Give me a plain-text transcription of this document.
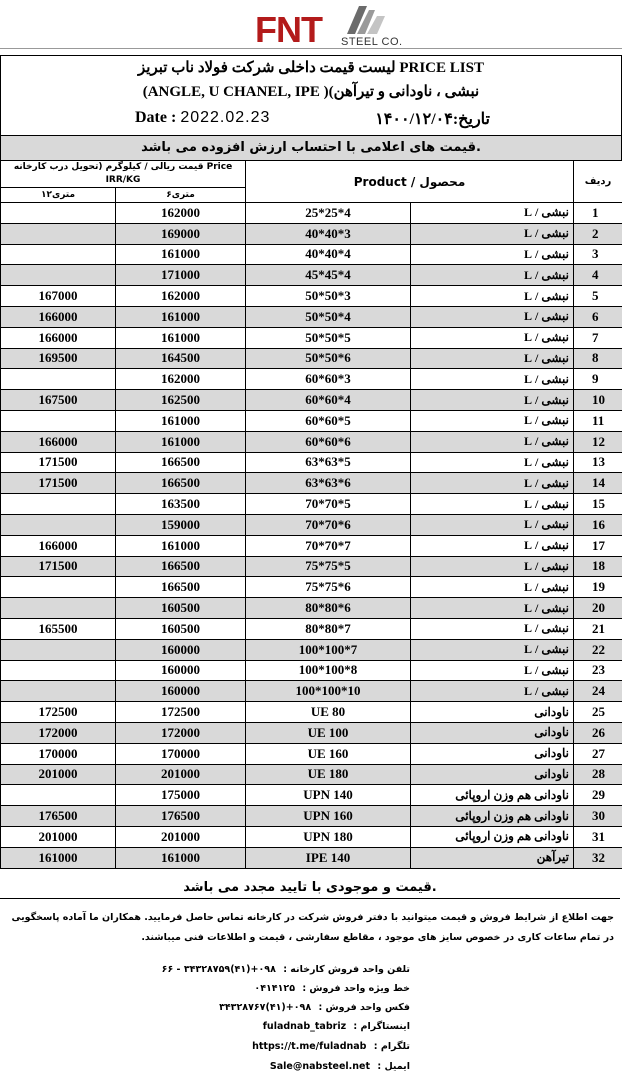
FNT STEEL CO.
لیست قیمت داخلی شرکت فولاد ناب تبریز PRICE LIST
(ANGLE, U CHANEL, IPE )(نبشی ، ناودانی و تیرآهن
Date : 2022.02.23	تاریخ:۱۴۰۰/۱۲/۰۴
قیمت های اعلامی با احتساب ارزش افزوده می باشد.
قیمت ریالی / کیلوگرم (تحویل درب کارخانه Price
IRR/KG		Product / محصول		ردیف
۱۲متری	۶متری			
	162000	25*25*4	نبشی / L	1
	169000	40*40*3	نبشی / L	2
	161000	40*40*4	نبشی / L	3
	171000	45*45*4	نبشی / L	4
167000	162000	50*50*3	نبشی / L	5
166000	161000	50*50*4	نبشی / L	6
166000	161000	50*50*5	نبشی / L	7
169500	164500	50*50*6	نبشی / L	8
	162000	60*60*3	نبشی / L	9
167500	162500	60*60*4	نبشی / L	10
	161000	60*60*5	نبشی / L	11
166000	161000	60*60*6	نبشی / L	12
171500	166500	63*63*5	نبشی / L	13
171500	166500	63*63*6	نبشی / L	14
	163500	70*70*5	نبشی / L	15
	159000	70*70*6	نبشی / L	16
166000	161000	70*70*7	نبشی / L	17
171500	166500	75*75*5	نبشی / L	18
	166500	75*75*6	نبشی / L	19
	160500	80*80*6	نبشی / L	20
165500	160500	80*80*7	نبشی / L	21
	160000	100*100*7	نبشی / L	22
	160000	100*100*8	نبشی / L	23
	160000	100*100*10	نبشی / L	24
172500	172500	UE 80	ناودانی	25
172000	172000	UE 100	ناودانی	26
170000	170000	UE 160	ناودانی	27
201000	201000	UE 180	ناودانی	28
	175000	UPN 140	ناودانی هم وزن اروپائی	29
176500	176500	UPN 160	ناودانی هم وزن اروپائی	30
201000	201000	UPN 180	ناودانی هم وزن اروپائی	31
161000	161000	IPE 140	تیرآهن	32
قیمت و موجودی با تایید مجدد می باشد.
جهت اطلاع از شرایط فروش و قیمت میتوانید با دفتر فروش شرکت در کارخانه تماس حاصل فرمایید. همکاران ما آماده پاسخگویی در تمام ساعات کاری در خصوص سایز های موجود ، مقاطع سفارشی ، قیمت و اطلاعات فنی میباشند.
تلفن واحد فروش کارخانه : ۰۹۸+(۴۱)۳۴۳۲۸۷۵۹ - ۶۶
خط ویژه واحد فروش : ۰۴۱۴۱۲۵
فکس واحد فروش : ۰۹۸+(۴۱)۳۴۳۲۸۷۶۷
اینستاگرام : fuladnab_tabriz
تلگرام : https://t.me/fuladnab
ایمیل : Sale@nabsteel.net
